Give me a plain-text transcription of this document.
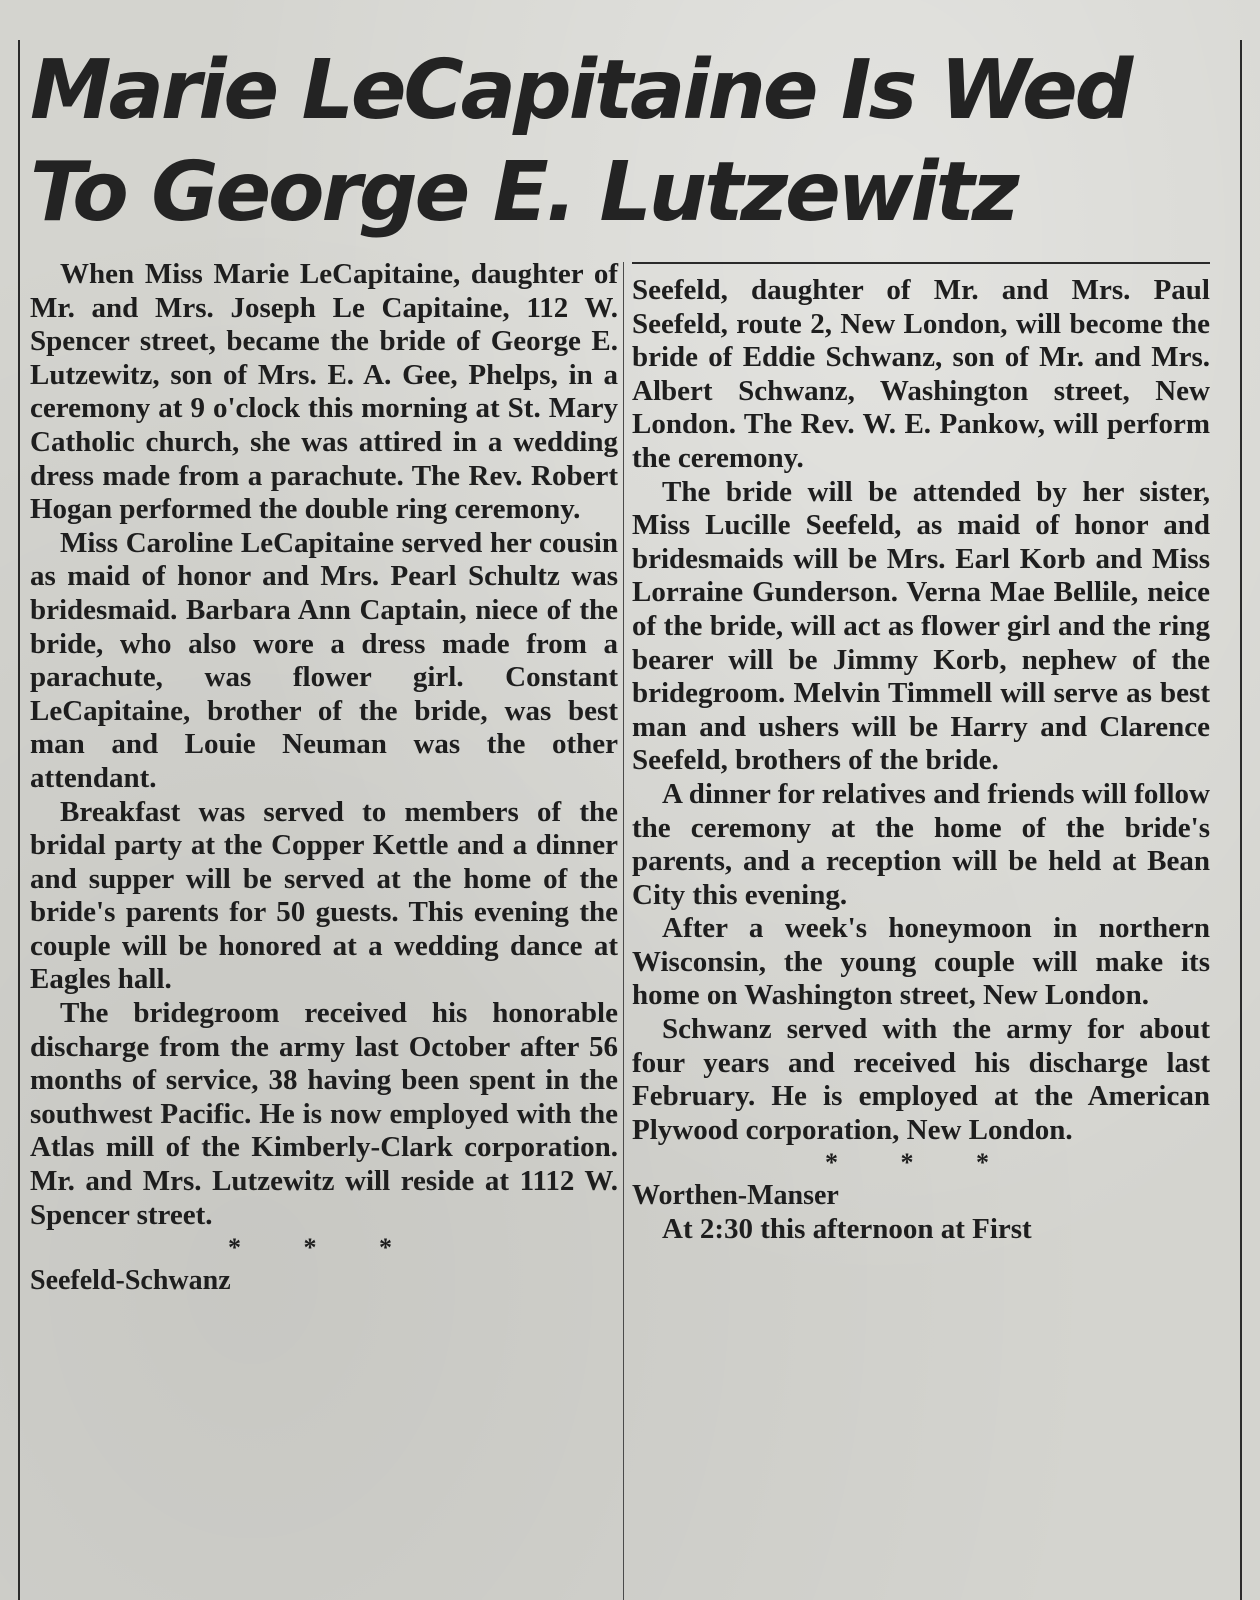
Marie LeCapitaine Is Wed
To George E. Lutzewitz

When Miss Marie LeCapitaine, daughter of Mr. and Mrs. Joseph Le Capitaine, 112 W. Spencer street, became the bride of George E. Lutzewitz, son of Mrs. E. A. Gee, Phelps, in a ceremony at 9 o'clock this morning at St. Mary Catholic church, she was attired in a wedding dress made from a parachute. The Rev. Robert Hogan performed the double ring ceremony.

Miss Caroline LeCapitaine served her cousin as maid of honor and Mrs. Pearl Schultz was bridesmaid. Barbara Ann Captain, niece of the bride, who also wore a dress made from a parachute, was flower girl. Constant LeCapitaine, brother of the bride, was best man and Louie Neuman was the other attendant.

Breakfast was served to members of the bridal party at the Copper Kettle and a dinner and supper will be served at the home of the bride's parents for 50 guests. This evening the couple will be honored at a wedding dance at Eagles hall.

The bridegroom received his honorable discharge from the army last October after 56 months of service, 38 having been spent in the southwest Pacific. He is now employed with the Atlas mill of the Kimberly-Clark corporation. Mr. and Mrs. Lutzewitz will reside at 1112 W. Spencer street.

* * *

Seefeld-Schwanz

Seefeld, daughter of Mr. and Mrs. Paul Seefeld, route 2, New London, will become the bride of Eddie Schwanz, son of Mr. and Mrs. Albert Schwanz, Washington street, New London. The Rev. W. E. Pankow, will perform the ceremony.

The bride will be attended by her sister, Miss Lucille Seefeld, as maid of honor and bridesmaids will be Mrs. Earl Korb and Miss Lorraine Gunderson. Verna Mae Bellile, neice of the bride, will act as flower girl and the ring bearer will be Jimmy Korb, nephew of the bridegroom. Melvin Timmell will serve as best man and ushers will be Harry and Clarence Seefeld, brothers of the bride.

A dinner for relatives and friends will follow the ceremony at the home of the bride's parents, and a reception will be held at Bean City this evening.

After a week's honeymoon in northern Wisconsin, the young couple will make its home on Washington street, New London.

Schwanz served with the army for about four years and received his discharge last February. He is employed at the American Plywood corporation, New London.

* * *

Worthen-Manser

At 2:30 this afternoon at First
